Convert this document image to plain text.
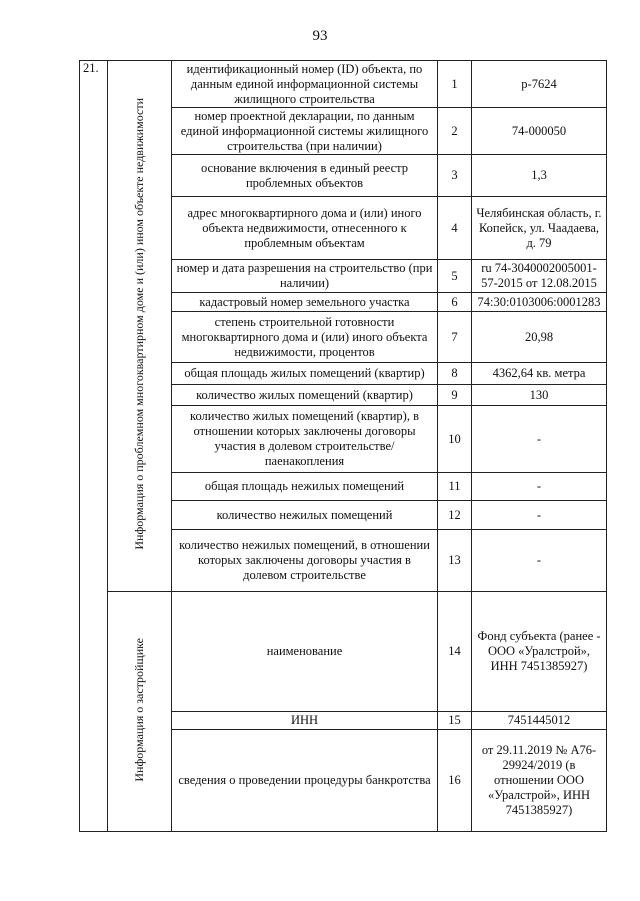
93
21.	Информация о проблемном многоквартирном доме и (или) ином объекте недвижимости	идентификационный номер (ID) объекта, по данным единой информационной системы жилищного строительства	1	р-7624
		номер проектной декларации, по данным единой информационной системы жилищного строительства (при наличии)	2	74-000050
		основание включения в единый реестр проблемных объектов	3	1,3
		адрес многоквартирного дома и (или) иного объекта недвижимости, отнесенного к проблемным объектам	4	Челябинская область, г. Копейск, ул. Чаадаева, д. 79
		номер и дата разрешения на строительство (при наличии)	5	ru 74-3040002005001-57-2015 от 12.08.2015
		кадастровый номер земельного участка	6	74:30:0103006:0001283
		степень строительной готовности многоквартирного дома и (или) иного объекта недвижимости, процентов	7	20,98
		общая площадь жилых помещений (квартир)	8	4362,64 кв. метра
		количество жилых помещений (квартир)	9	130
		количество жилых помещений (квартир), в отношении которых заключены договоры участия в долевом строительстве/паенакопления	10	-
		общая площадь нежилых помещений	11	-
		количество нежилых помещений	12	-
		количество нежилых помещений, в отношении которых заключены договоры участия в долевом строительстве	13	-
	Информация о застройщике	наименование	14	Фонд субъекта (ранее - ООО «Уралстрой», ИНН 7451385927)
		ИНН	15	7451445012
		сведения о проведении процедуры банкротства	16	от 29.11.2019 № А76-29924/2019 (в отношении ООО «Уралстрой», ИНН 7451385927)
